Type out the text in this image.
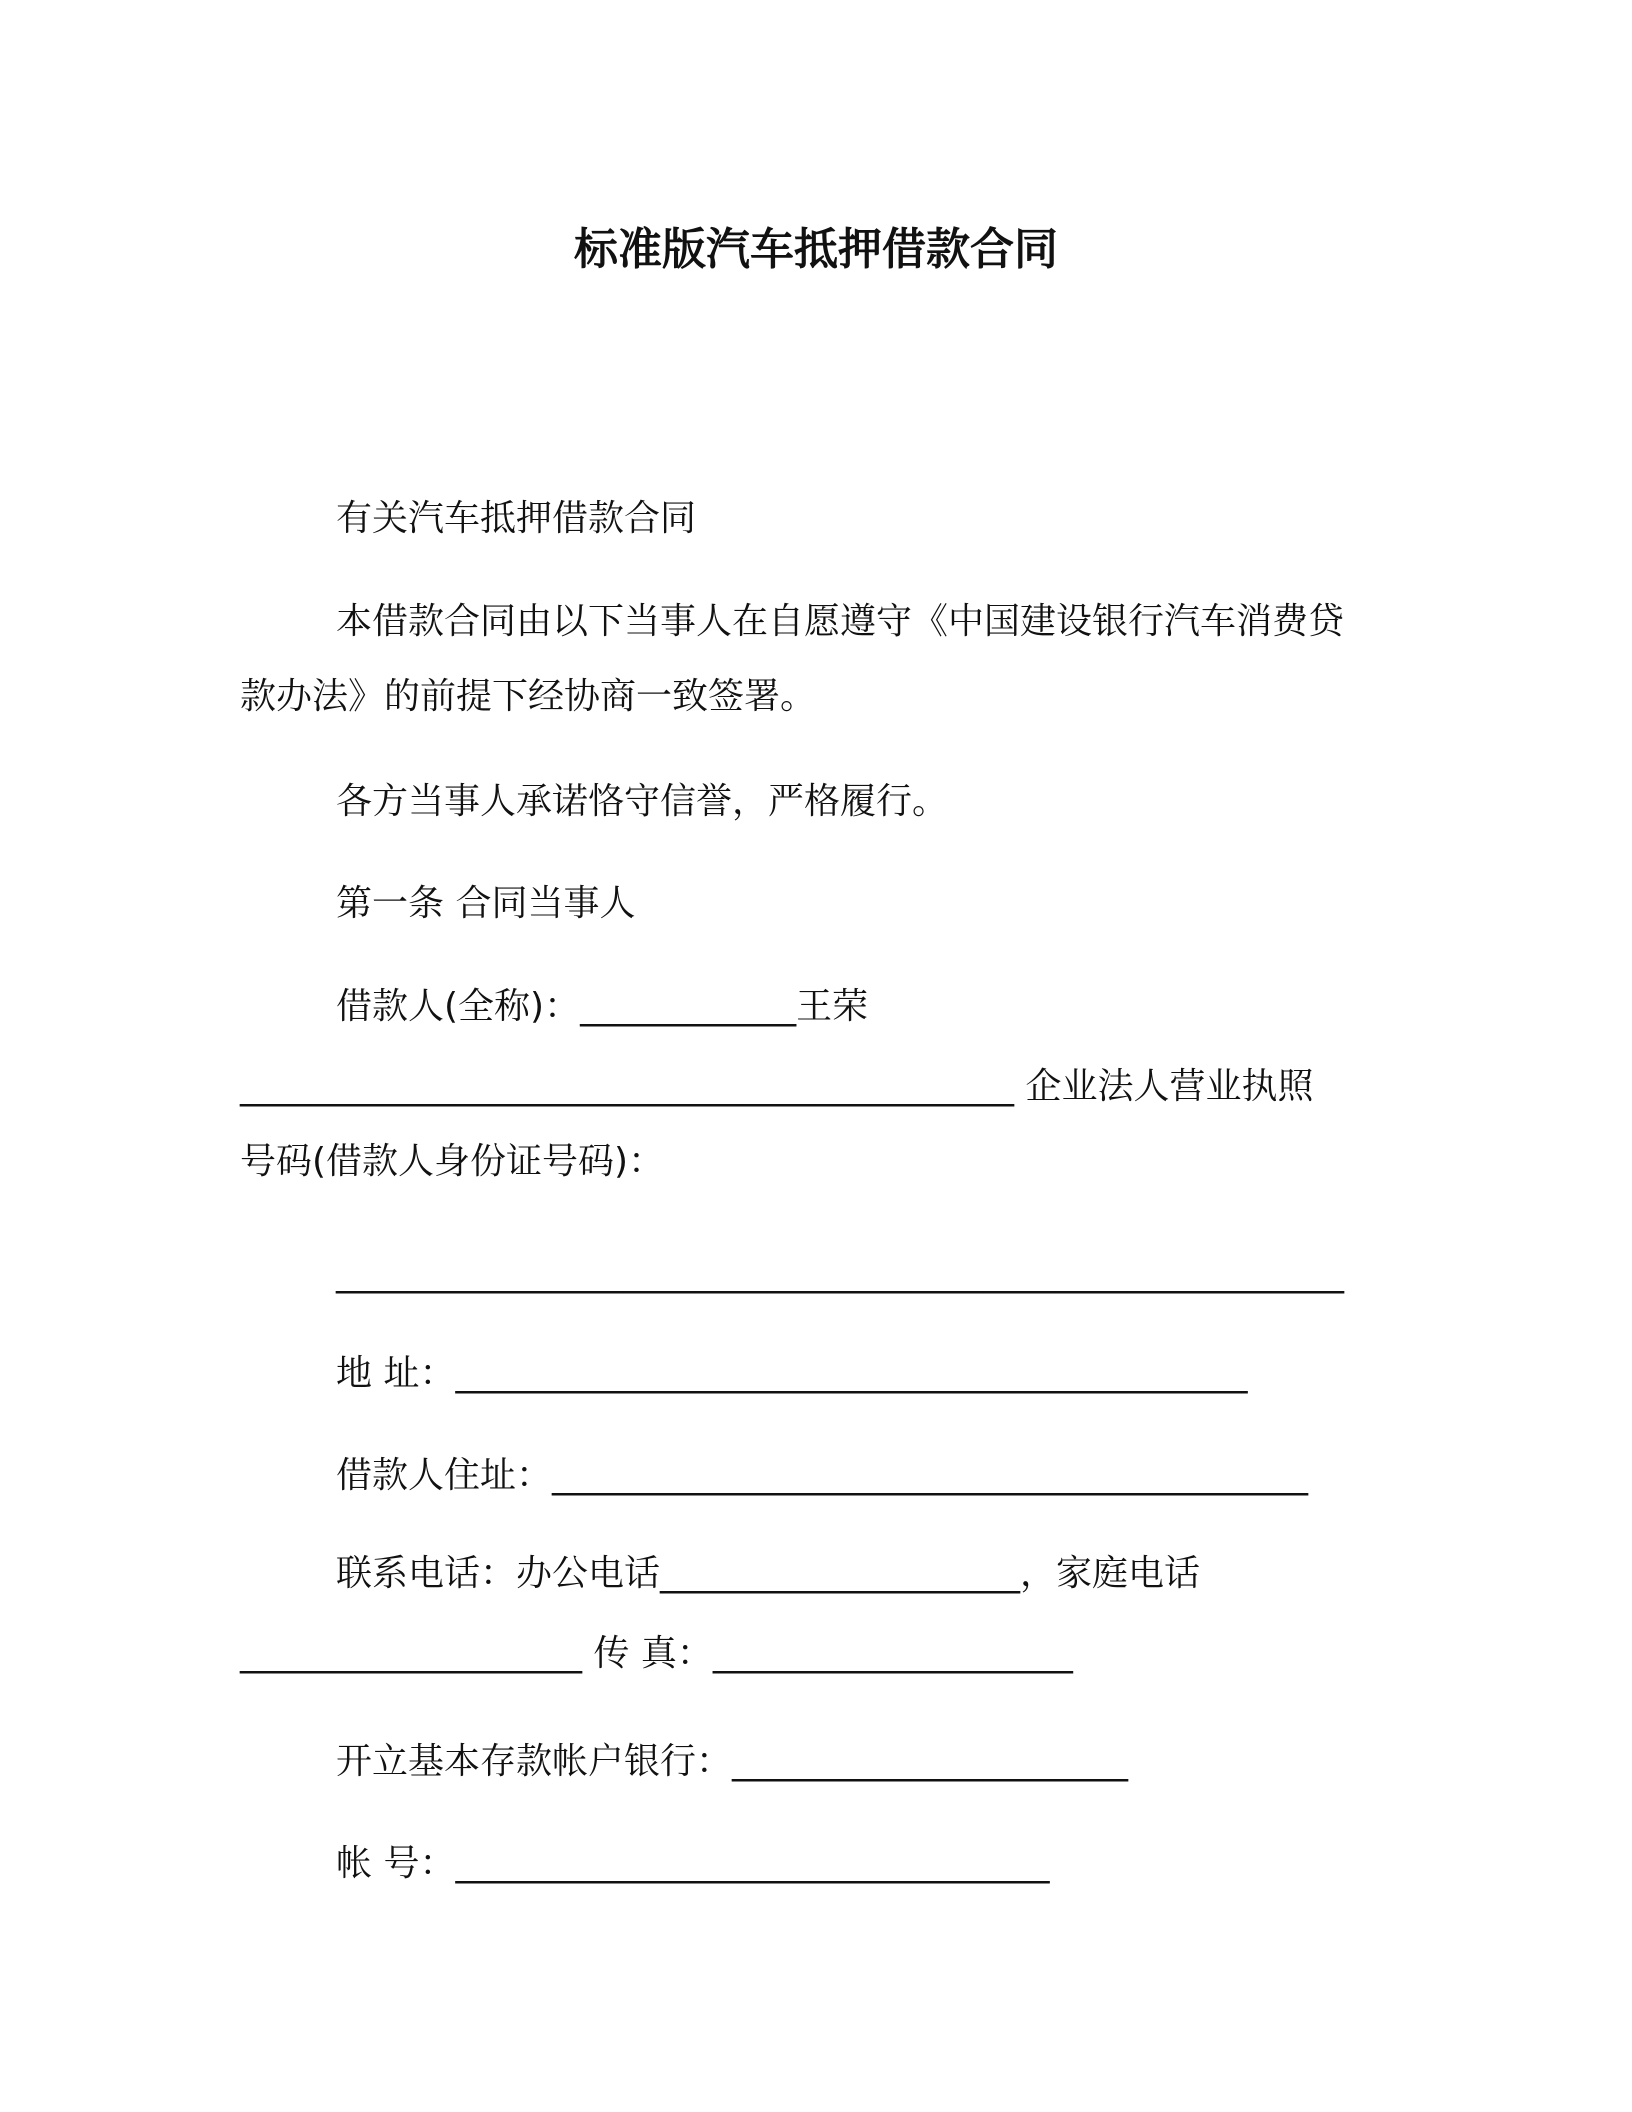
标准版汽车抵押借款合同
有关汽车抵押借款合同
本借款合同由以下当事人在自愿遵守《中国建设银行汽车消费贷
款办法》的前提下经协商一致签署。
各方当事人承诺恪守信誉，严格履行。
第一条 合同当事人
借款人(全称)：____________王荣
___________________________________________ 企业法人营业执照
号码(借款人身份证号码)：
________________________________________________________
地 址：____________________________________________
借款人住址：__________________________________________
联系电话：办公电话____________________，家庭电话
___________________ 传 真：____________________
开立基本存款帐户银行：______________________
帐 号：_________________________________
